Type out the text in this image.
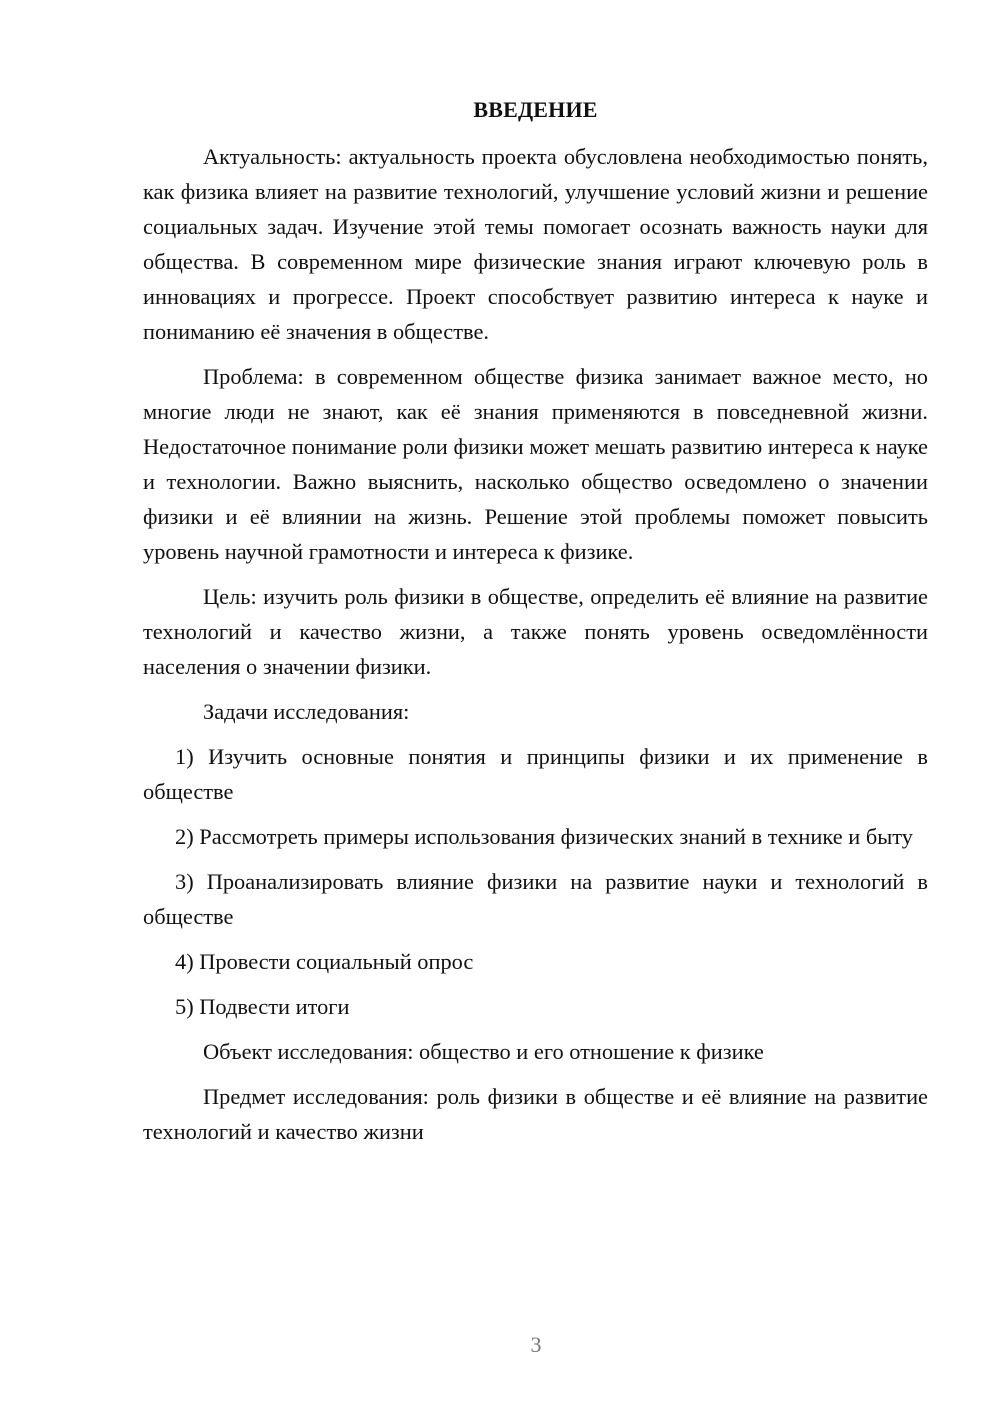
ВВЕДЕНИЕ

Актуальность: актуальность проекта обусловлена необходимостью понять, как физика влияет на развитие технологий, улучшение условий жизни и решение социальных задач. Изучение этой темы помогает осознать важность науки для общества. В современном мире физические знания играют ключевую роль в инновациях и прогрессе. Проект способствует развитию интереса к науке и пониманию её значения в обществе.

Проблема: в современном обществе физика занимает важное место, но многие люди не знают, как её знания применяются в повседневной жизни. Недостаточное понимание роли физики может мешать развитию интереса к науке и технологии. Важно выяснить, насколько общество осведомлено о значении физики и её влиянии на жизнь. Решение этой проблемы поможет повысить уровень научной грамотности и интереса к физике.

Цель: изучить роль физики в обществе, определить её влияние на развитие технологий и качество жизни, а также понять уровень осведомлённости населения о значении физики.

Задачи исследования:

1) Изучить основные понятия и принципы физики и их применение в обществе

2) Рассмотреть примеры использования физических знаний в технике и быту

3) Проанализировать влияние физики на развитие науки и технологий в обществе

4) Провести социальный опрос

5) Подвести итоги

Объект исследования: общество и его отношение к физике

Предмет исследования: роль физики в обществе и её влияние на развитие технологий и качество жизни

3
